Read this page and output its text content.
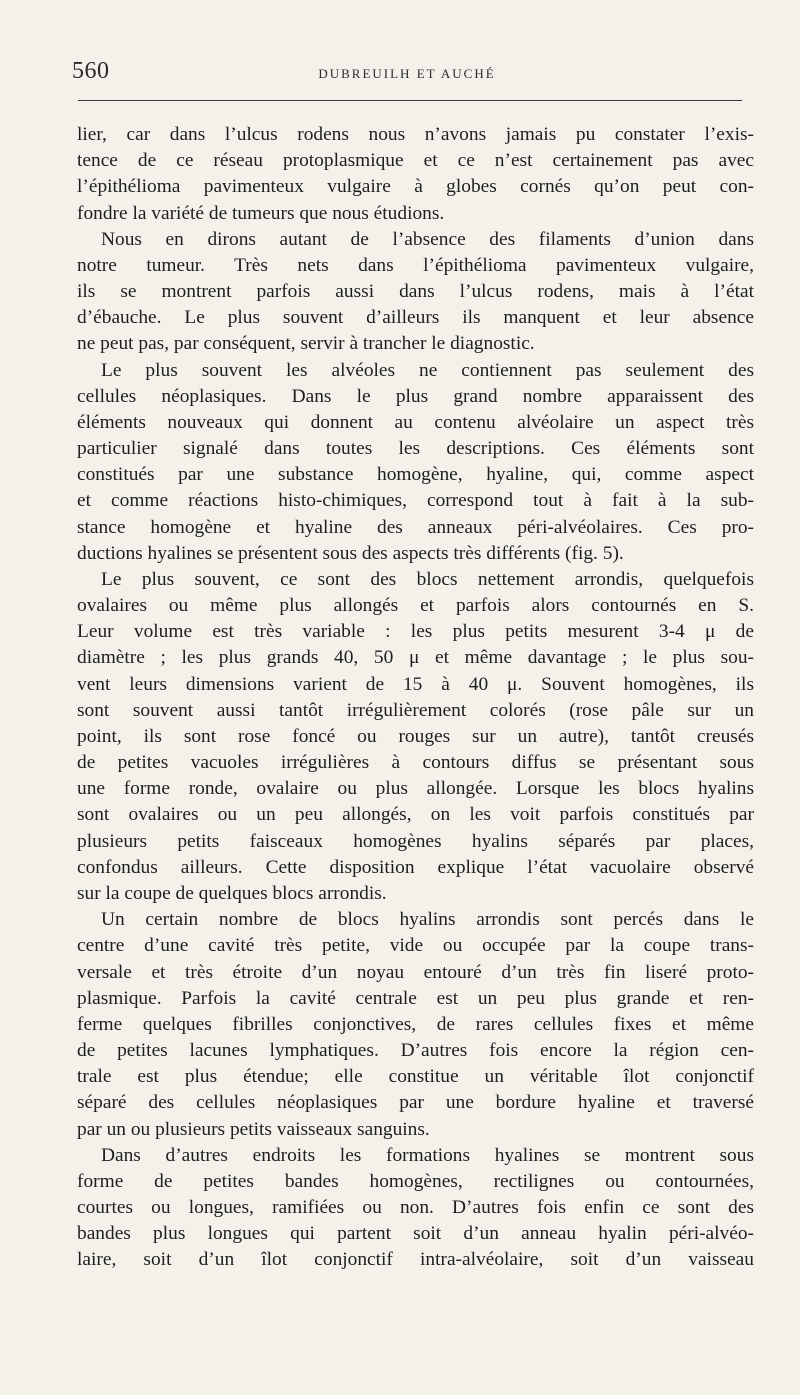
560	DUBREUILH ET AUCHÉ
lier, car dans l’ulcus rodens nous n’avons jamais pu constater l’exis-
tence de ce réseau protoplasmique et ce n’est certainement pas avec
l’épithélioma pavimenteux vulgaire à globes cornés qu’on peut con-
fondre la variété de tumeurs que nous étudions.
Nous en dirons autant de l’absence des filaments d’union dans
notre tumeur. Très nets dans l’épithélioma pavimenteux vulgaire,
ils se montrent parfois aussi dans l’ulcus rodens, mais à l’état
d’ébauche. Le plus souvent d’ailleurs ils manquent et leur absence
ne peut pas, par conséquent, servir à trancher le diagnostic.
Le plus souvent les alvéoles ne contiennent pas seulement des
cellules néoplasiques. Dans le plus grand nombre apparaissent des
éléments nouveaux qui donnent au contenu alvéolaire un aspect très
particulier signalé dans toutes les descriptions. Ces éléments sont
constitués par une substance homogène, hyaline, qui, comme aspect
et comme réactions histo-chimiques, correspond tout à fait à la sub-
stance homogène et hyaline des anneaux péri-alvéolaires. Ces pro-
ductions hyalines se présentent sous des aspects très différents (fig. 5).
Le plus souvent, ce sont des blocs nettement arrondis, quelquefois
ovalaires ou même plus allongés et parfois alors contournés en S.
Leur volume est très variable : les plus petits mesurent 3-4 μ de
diamètre ; les plus grands 40, 50 μ et même davantage ; le plus sou-
vent leurs dimensions varient de 15 à 40 μ. Souvent homogènes, ils
sont souvent aussi tantôt irrégulièrement colorés (rose pâle sur un
point, ils sont rose foncé ou rouges sur un autre), tantôt creusés
de petites vacuoles irrégulières à contours diffus se présentant sous
une forme ronde, ovalaire ou plus allongée. Lorsque les blocs hyalins
sont ovalaires ou un peu allongés, on les voit parfois constitués par
plusieurs petits faisceaux homogènes hyalins séparés par places,
confondus ailleurs. Cette disposition explique l’état vacuolaire observé
sur la coupe de quelques blocs arrondis.
Un certain nombre de blocs hyalins arrondis sont percés dans le
centre d’une cavité très petite, vide ou occupée par la coupe trans-
versale et très étroite d’un noyau entouré d’un très fin liseré proto-
plasmique. Parfois la cavité centrale est un peu plus grande et ren-
ferme quelques fibrilles conjonctives, de rares cellules fixes et même
de petites lacunes lymphatiques. D’autres fois encore la région cen-
trale est plus étendue; elle constitue un véritable îlot conjonctif
séparé des cellules néoplasiques par une bordure hyaline et traversé
par un ou plusieurs petits vaisseaux sanguins.
Dans d’autres endroits les formations hyalines se montrent sous
forme de petites bandes homogènes, rectilignes ou contournées,
courtes ou longues, ramifiées ou non. D’autres fois enfin ce sont des
bandes plus longues qui partent soit d’un anneau hyalin péri-alvéo-
laire, soit d’un îlot conjonctif intra-alvéolaire, soit d’un vaisseau
